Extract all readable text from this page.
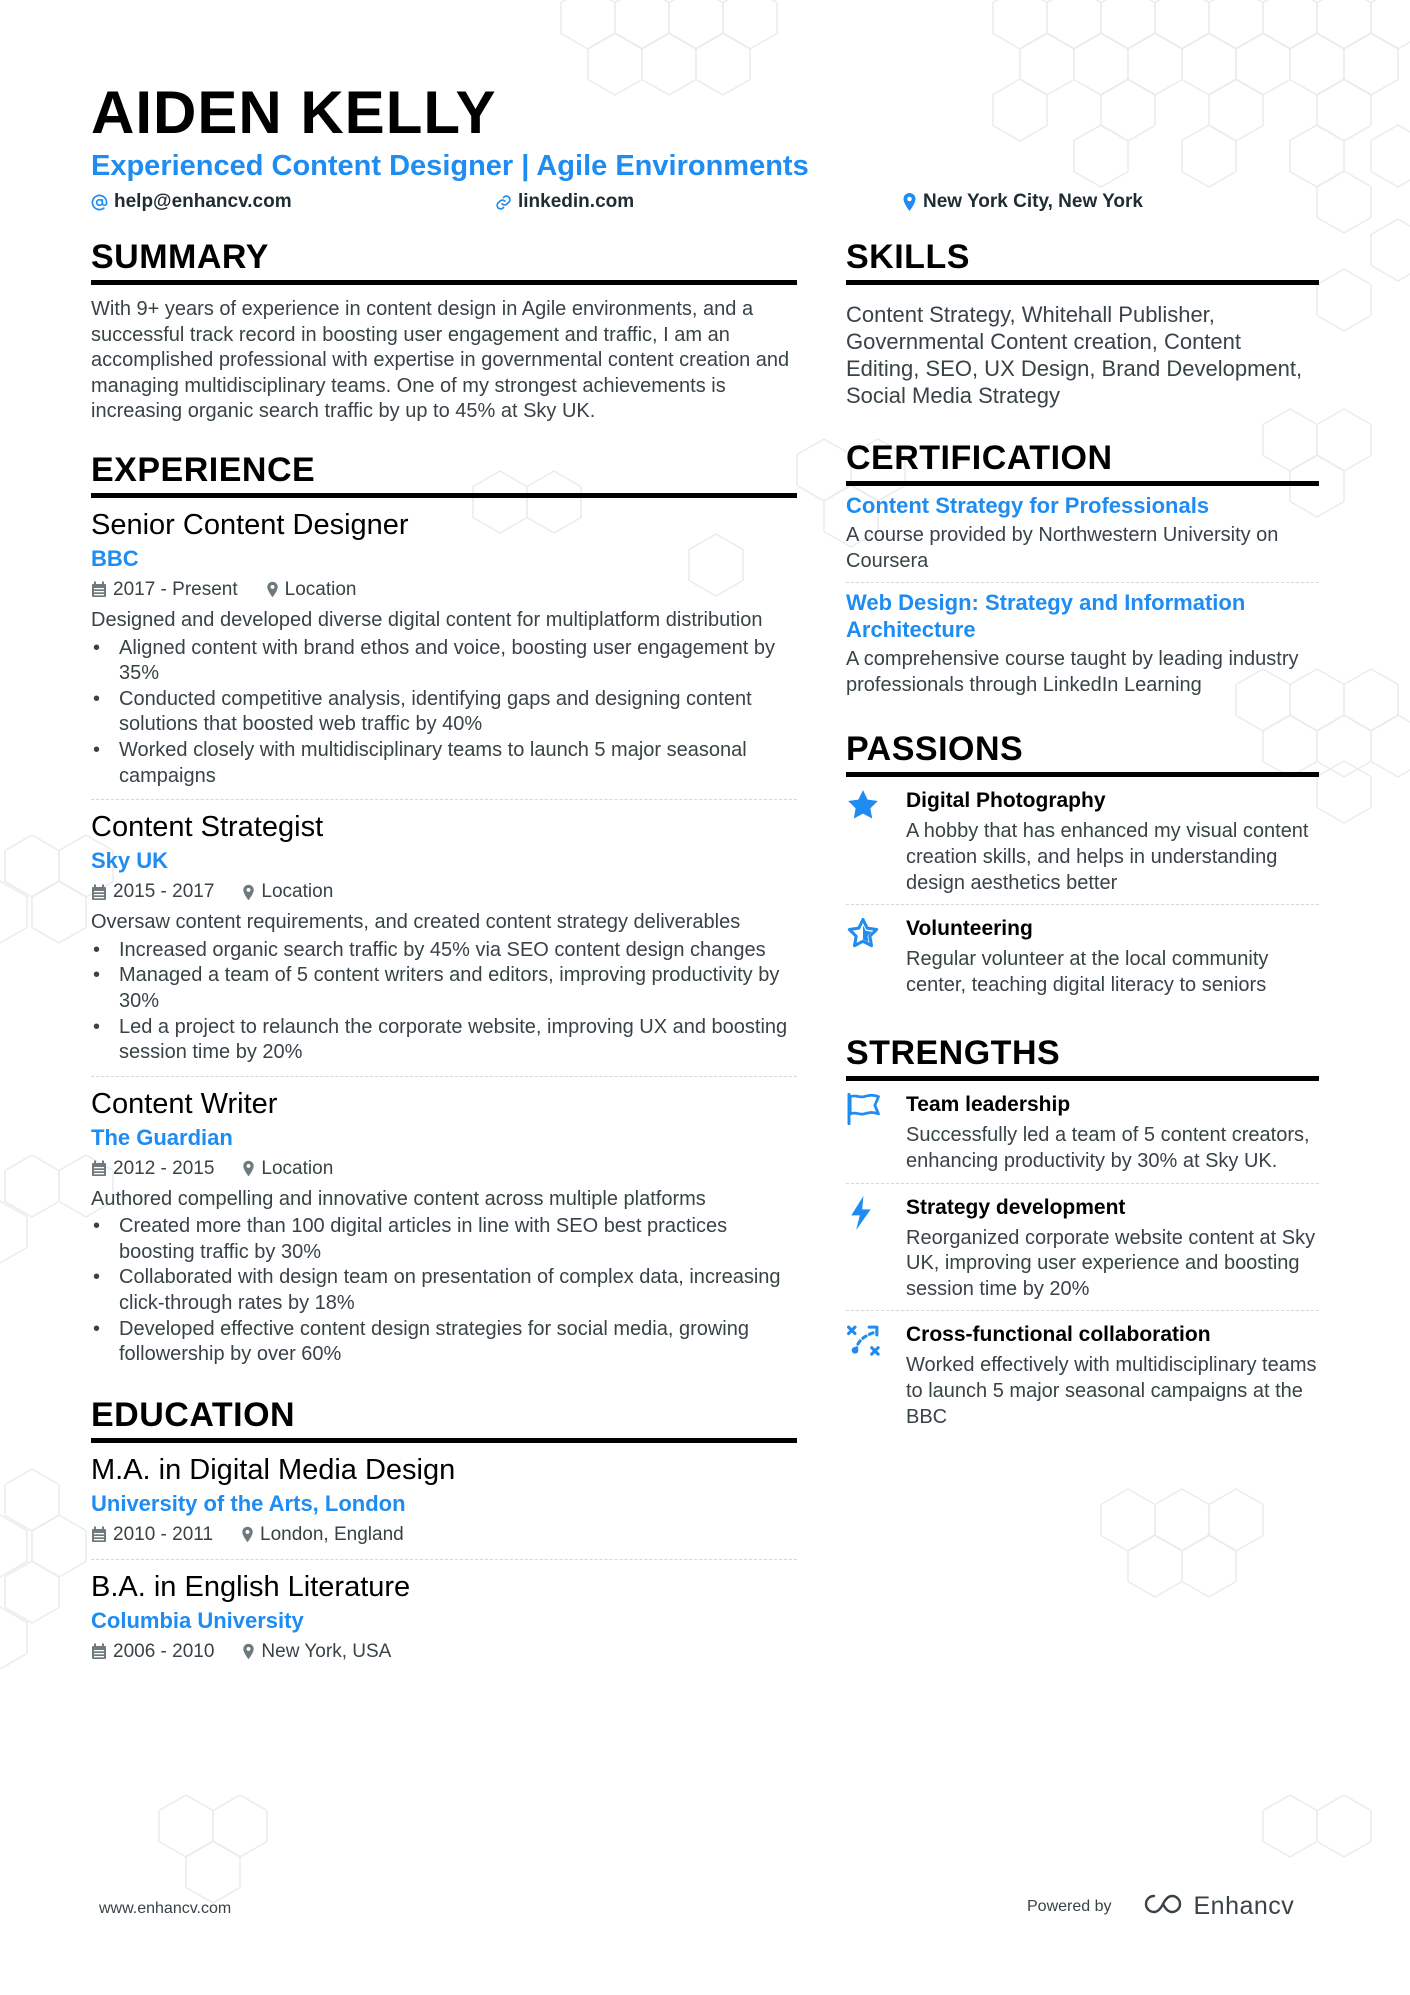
AIDEN KELLY
Experienced Content Designer | Agile Environments
help@enhancv.com	linkedin.com	New York City, New York
SUMMARY
With 9+ years of experience in content design in Agile environments, and a successful track record in boosting user engagement and traffic, I am an accomplished professional with expertise in governmental content creation and managing multidisciplinary teams. One of my strongest achievements is increasing organic search traffic by up to 45% at Sky UK.
EXPERIENCE
Senior Content Designer
BBC
2017 - Present Location
Designed and developed diverse digital content for multiplatform distribution
• Aligned content with brand ethos and voice, boosting user engagement by 35%
• Conducted competitive analysis, identifying gaps and designing content solutions that boosted web traffic by 40%
• Worked closely with multidisciplinary teams to launch 5 major seasonal campaigns
Content Strategist
Sky UK
2015 - 2017 Location
Oversaw content requirements, and created content strategy deliverables
• Increased organic search traffic by 45% via SEO content design changes
• Managed a team of 5 content writers and editors, improving productivity by 30%
• Led a project to relaunch the corporate website, improving UX and boosting session time by 20%
Content Writer
The Guardian
2012 - 2015 Location
Authored compelling and innovative content across multiple platforms
• Created more than 100 digital articles in line with SEO best practices boosting traffic by 30%
• Collaborated with design team on presentation of complex data, increasing click-through rates by 18%
• Developed effective content design strategies for social media, growing followership by over 60%
EDUCATION
M.A. in Digital Media Design
University of the Arts, London
2010 - 2011 London, England
B.A. in English Literature
Columbia University
2006 - 2010 New York, USA
SKILLS
Content Strategy, Whitehall Publisher, Governmental Content creation, Content Editing, SEO, UX Design, Brand Development, Social Media Strategy
CERTIFICATION
Content Strategy for Professionals
A course provided by Northwestern University on Coursera
Web Design: Strategy and Information Architecture
A comprehensive course taught by leading industry professionals through LinkedIn Learning
PASSIONS
Digital Photography
A hobby that has enhanced my visual content creation skills, and helps in understanding design aesthetics better
Volunteering
Regular volunteer at the local community center, teaching digital literacy to seniors
STRENGTHS
Team leadership
Successfully led a team of 5 content creators, enhancing productivity by 30% at Sky UK.
Strategy development
Reorganized corporate website content at Sky UK, improving user experience and boosting session time by 20%
Cross-functional collaboration
Worked effectively with multidisciplinary teams to launch 5 major seasonal campaigns at the BBC
www.enhancv.com	Powered by	Enhancv
